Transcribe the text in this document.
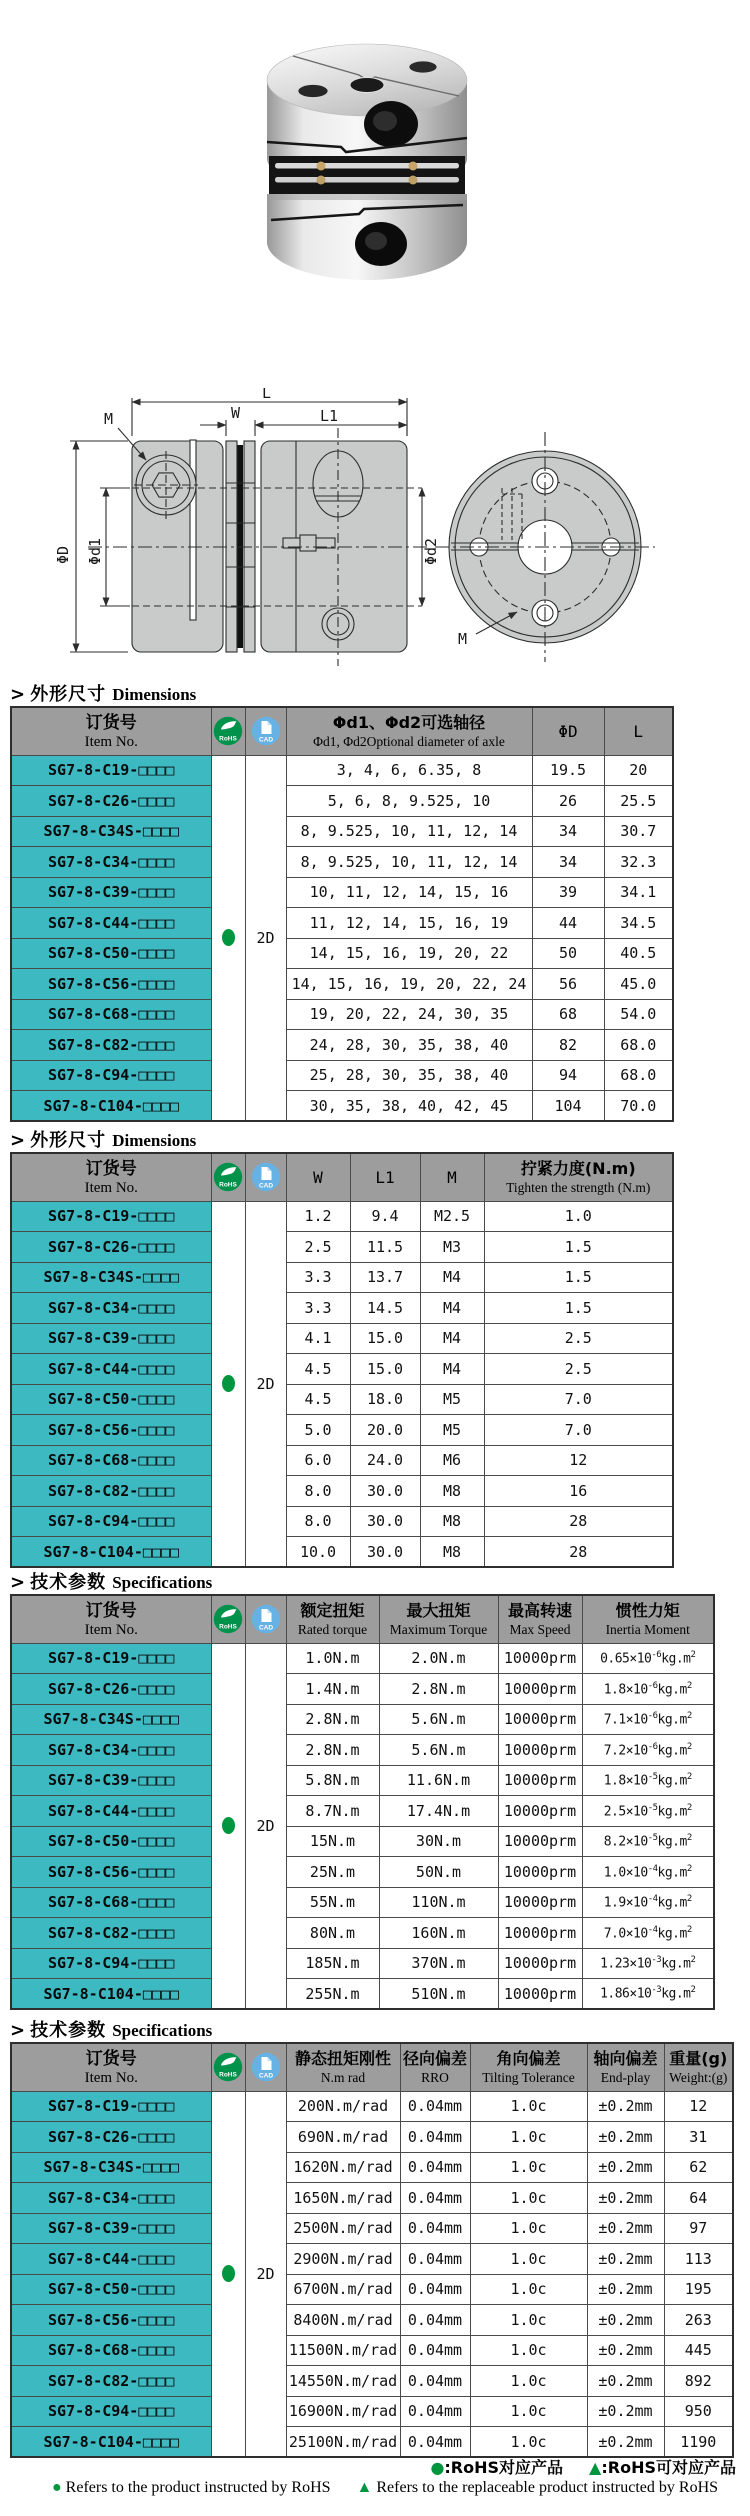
L
W	L1
M
ΦD Φd1	Φd2
M
> 外形尺寸 Dimensions
> 外形尺寸 Dimensions
> 技术参数 Specifications
> 技术参数 Specifications
订货号
Item No.	RoHS	CAD

Φd1、Φd2可选轴径
Φd1, Φd2Optional diameter of axle

ΦD	L

SG7-8-C19-□□□□		2D	3, 4, 6, 6.35, 8	19.5	20
SG7-8-C26-□□□□			5, 6, 8, 9.525, 10	26	25.5
SG7-8-C34S-□□□□			8, 9.525, 10, 11, 12, 14	34	30.7
SG7-8-C34-□□□□			8, 9.525, 10, 11, 12, 14	34	32.3
SG7-8-C39-□□□□			10, 11, 12, 14, 15, 16	39	34.1
SG7-8-C44-□□□□			11, 12, 14, 15, 16, 19	44	34.5
SG7-8-C50-□□□□			14, 15, 16, 19, 20, 22	50	40.5
SG7-8-C56-□□□□			14, 15, 16, 19, 20, 22, 24	56	45.0
SG7-8-C68-□□□□			19, 20, 22, 24, 30, 35	68	54.0
SG7-8-C82-□□□□			24, 28, 30, 35, 38, 40	82	68.0
SG7-8-C94-□□□□			25, 28, 30, 35, 38, 40	94	68.0
SG7-8-C104-□□□□			30, 35, 38, 40, 42, 45	104	70.0
订货号
Item No.	RoHS	CAD	W	L1	M	拧紧力度(N.m)
Tighten the strength (N.m)

SG7-8-C19-□□□□		2D	1.2	9.4	M2.5	1.0
SG7-8-C26-□□□□			2.5	11.5	M3	1.5
SG7-8-C34S-□□□□			3.3	13.7	M4	1.5
SG7-8-C34-□□□□			3.3	14.5	M4	1.5
SG7-8-C39-□□□□			4.1	15.0	M4	2.5
SG7-8-C44-□□□□			4.5	15.0	M4	2.5
SG7-8-C50-□□□□			4.5	18.0	M5	7.0
SG7-8-C56-□□□□			5.0	20.0	M5	7.0
SG7-8-C68-□□□□			6.0	24.0	M6	12
SG7-8-C82-□□□□			8.0	30.0	M8	16
SG7-8-C94-□□□□			8.0	30.0	M8	28
SG7-8-C104-□□□□			10.0	30.0	M8	28
订货号
Item No.	RoHS	CAD

额定扭矩
Rated torque

最大扭矩
Maximum Torque

最高转速
Max Speed

惯性力矩
Inertia Moment

SG7-8-C19-□□□□		2D	1.0N.m	2.0N.m	10000prm	$0.65\times 10^{-6}kg.m^2$
SG7-8-C26-□□□□			1.4N.m	2.8N.m	10000prm	$1.8\times 10^{-6}kg.m^2$
SG7-8-C34S-□□□□			2.8N.m	5.6N.m	10000prm	$7.1\times 10^{-6}kg.m^2$
SG7-8-C34-□□□□			2.8N.m	5.6N.m	10000prm	$7.2\times 10^{-6}kg.m^2$
SG7-8-C39-□□□□			5.8N.m	11.6N.m	10000prm	$1.8\times 10^{-5}kg.m^2$
SG7-8-C44-□□□□			8.7N.m	17.4N.m	10000prm	$2.5\times 10^{-5}kg.m^2$
SG7-8-C50-□□□□			15N.m	30N.m	10000prm	$8.2\times 10^{-5}kg.m^2$
SG7-8-C56-□□□□			25N.m	50N.m	10000prm	$1.0\times 10^{-4}kg.m^2$
SG7-8-C68-□□□□			55N.m	110N.m	10000prm	$1.9\times 10^{-4}kg.m^2$
SG7-8-C82-□□□□			80N.m	160N.m	10000prm	$7.0\times 10^{-4}kg.m^2$
SG7-8-C94-□□□□			185N.m	370N.m	10000prm	$1.23\times 10^{-3}kg.m^2$
SG7-8-C104-□□□□			255N.m	510N.m	10000prm	$1.86\times 10^{-3}kg.m^2$
订货号
Item No.	RoHS	CAD

静态扭矩刚性
N.m rad

径向偏差
RRO

角向偏差
Tilting Tolerance

轴向偏差
End-play

重量(g)
Weight:(g)

SG7-8-C19-□□□□		2D	200N.m/rad	0.04mm	1.0c	±0.2mm	12
SG7-8-C26-□□□□			690N.m/rad	0.04mm	1.0c	±0.2mm	31
SG7-8-C34S-□□□□			1620N.m/rad	0.04mm	1.0c	±0.2mm	62
SG7-8-C34-□□□□			1650N.m/rad	0.04mm	1.0c	±0.2mm	64
SG7-8-C39-□□□□			2500N.m/rad	0.04mm	1.0c	±0.2mm	97
SG7-8-C44-□□□□			2900N.m/rad	0.04mm	1.0c	±0.2mm	113
SG7-8-C50-□□□□			6700N.m/rad	0.04mm	1.0c	±0.2mm	195
SG7-8-C56-□□□□			8400N.m/rad	0.04mm	1.0c	±0.2mm	263
SG7-8-C68-□□□□			11500N.m/rad	0.04mm	1.0c	±0.2mm	445
SG7-8-C82-□□□□			14550N.m/rad	0.04mm	1.0c	±0.2mm	892
SG7-8-C94-□□□□			16900N.m/rad	0.04mm	1.0c	±0.2mm	950
SG7-8-C104-□□□□			25100N.m/rad	0.04mm	1.0c	±0.2mm	1190
●:RoHS对应产品 ▲:RoHS可对应产品
● Refers to the product instructed by RoHS ▲ Refers to the replaceable product instructed by RoHS
